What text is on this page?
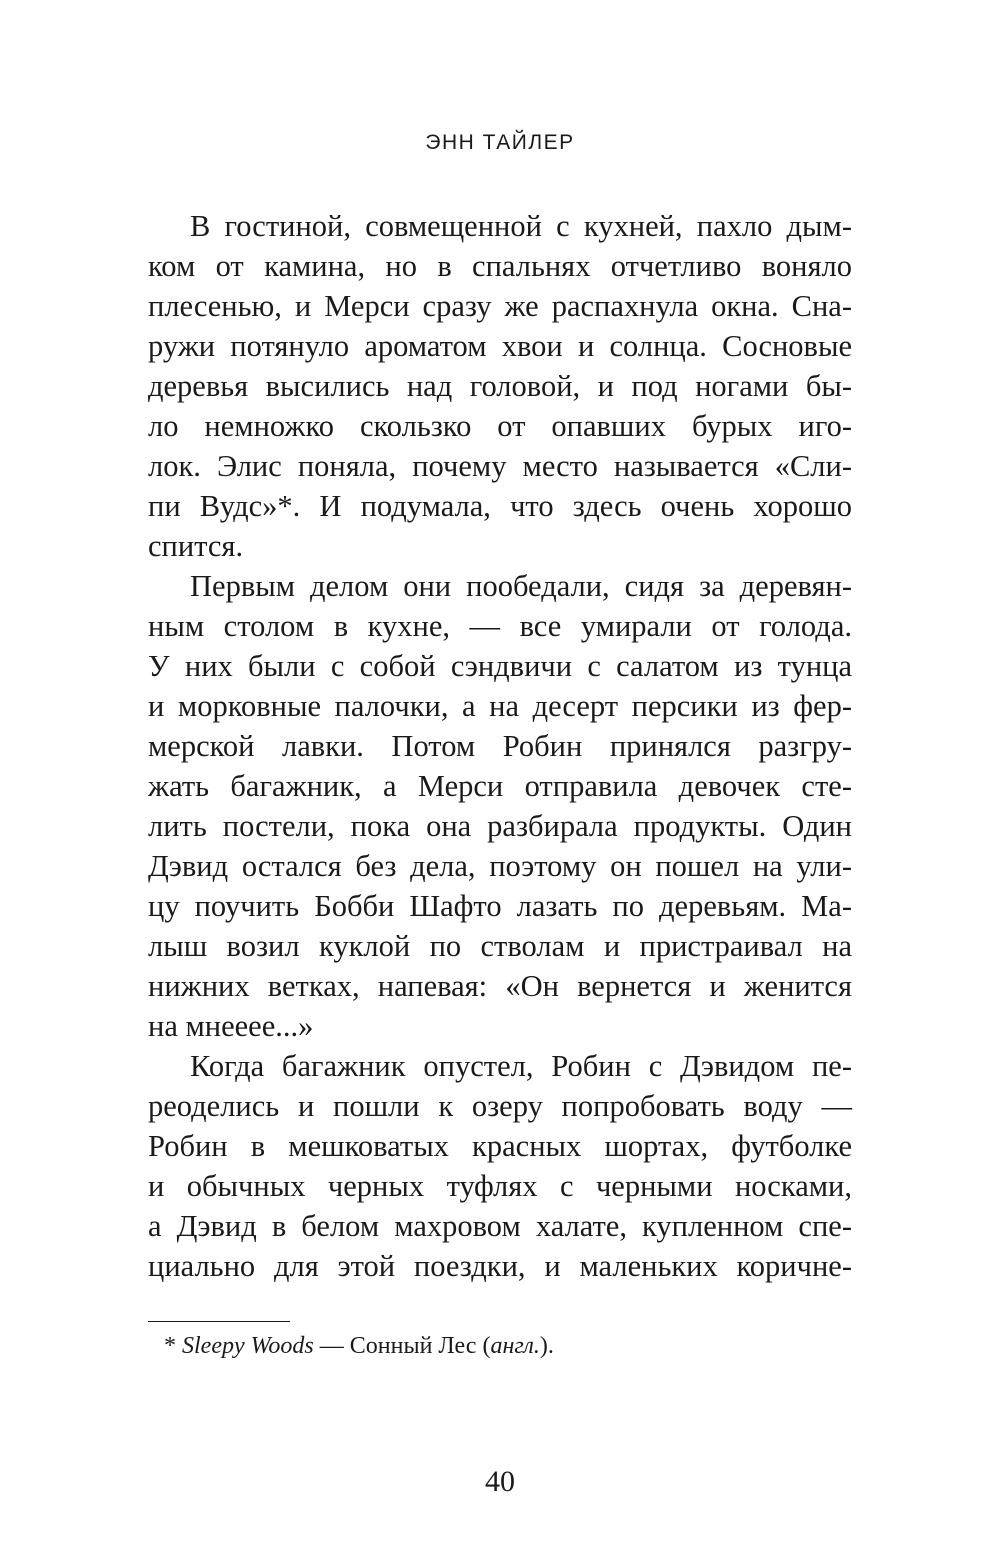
ЭНН ТАЙЛЕР
В гостиной, совмещенной с кухней, пахло дым-
ком от камина, но в спальнях отчетливо воняло
плесенью, и Мерси сразу же распахнула окна. Сна-
ружи потянуло ароматом хвои и солнца. Сосновые
деревья высились над головой, и под ногами бы-
ло немножко скользко от опавших бурых иго-
лок. Элис поняла, почему место называется «Сли-
пи Вудс»*. И подумала, что здесь очень хорошо
спится.
Первым делом они пообедали, сидя за деревян-
ным столом в кухне, — все умирали от голода.
У них были с собой сэндвичи с салатом из тунца
и морковные палочки, а на десерт персики из фер-
мерской лавки. Потом Робин принялся разгру-
жать багажник, а Мерси отправила девочек сте-
лить постели, пока она разбирала продукты. Один
Дэвид остался без дела, поэтому он пошел на ули-
цу поучить Бобби Шафто лазать по деревьям. Ма-
лыш возил куклой по стволам и пристраивал на
нижних ветках, напевая: «Он вернется и женится
на мнееее...»
Когда багажник опустел, Робин с Дэвидом пе-
реоделись и пошли к озеру попробовать воду —
Робин в мешковатых красных шортах, футболке
и обычных черных туфлях с черными носками,
а Дэвид в белом махровом халате, купленном спе-
циально для этой поездки, и маленьких коричне-
* Sleepy Woods — Сонный Лес (англ.).
40
